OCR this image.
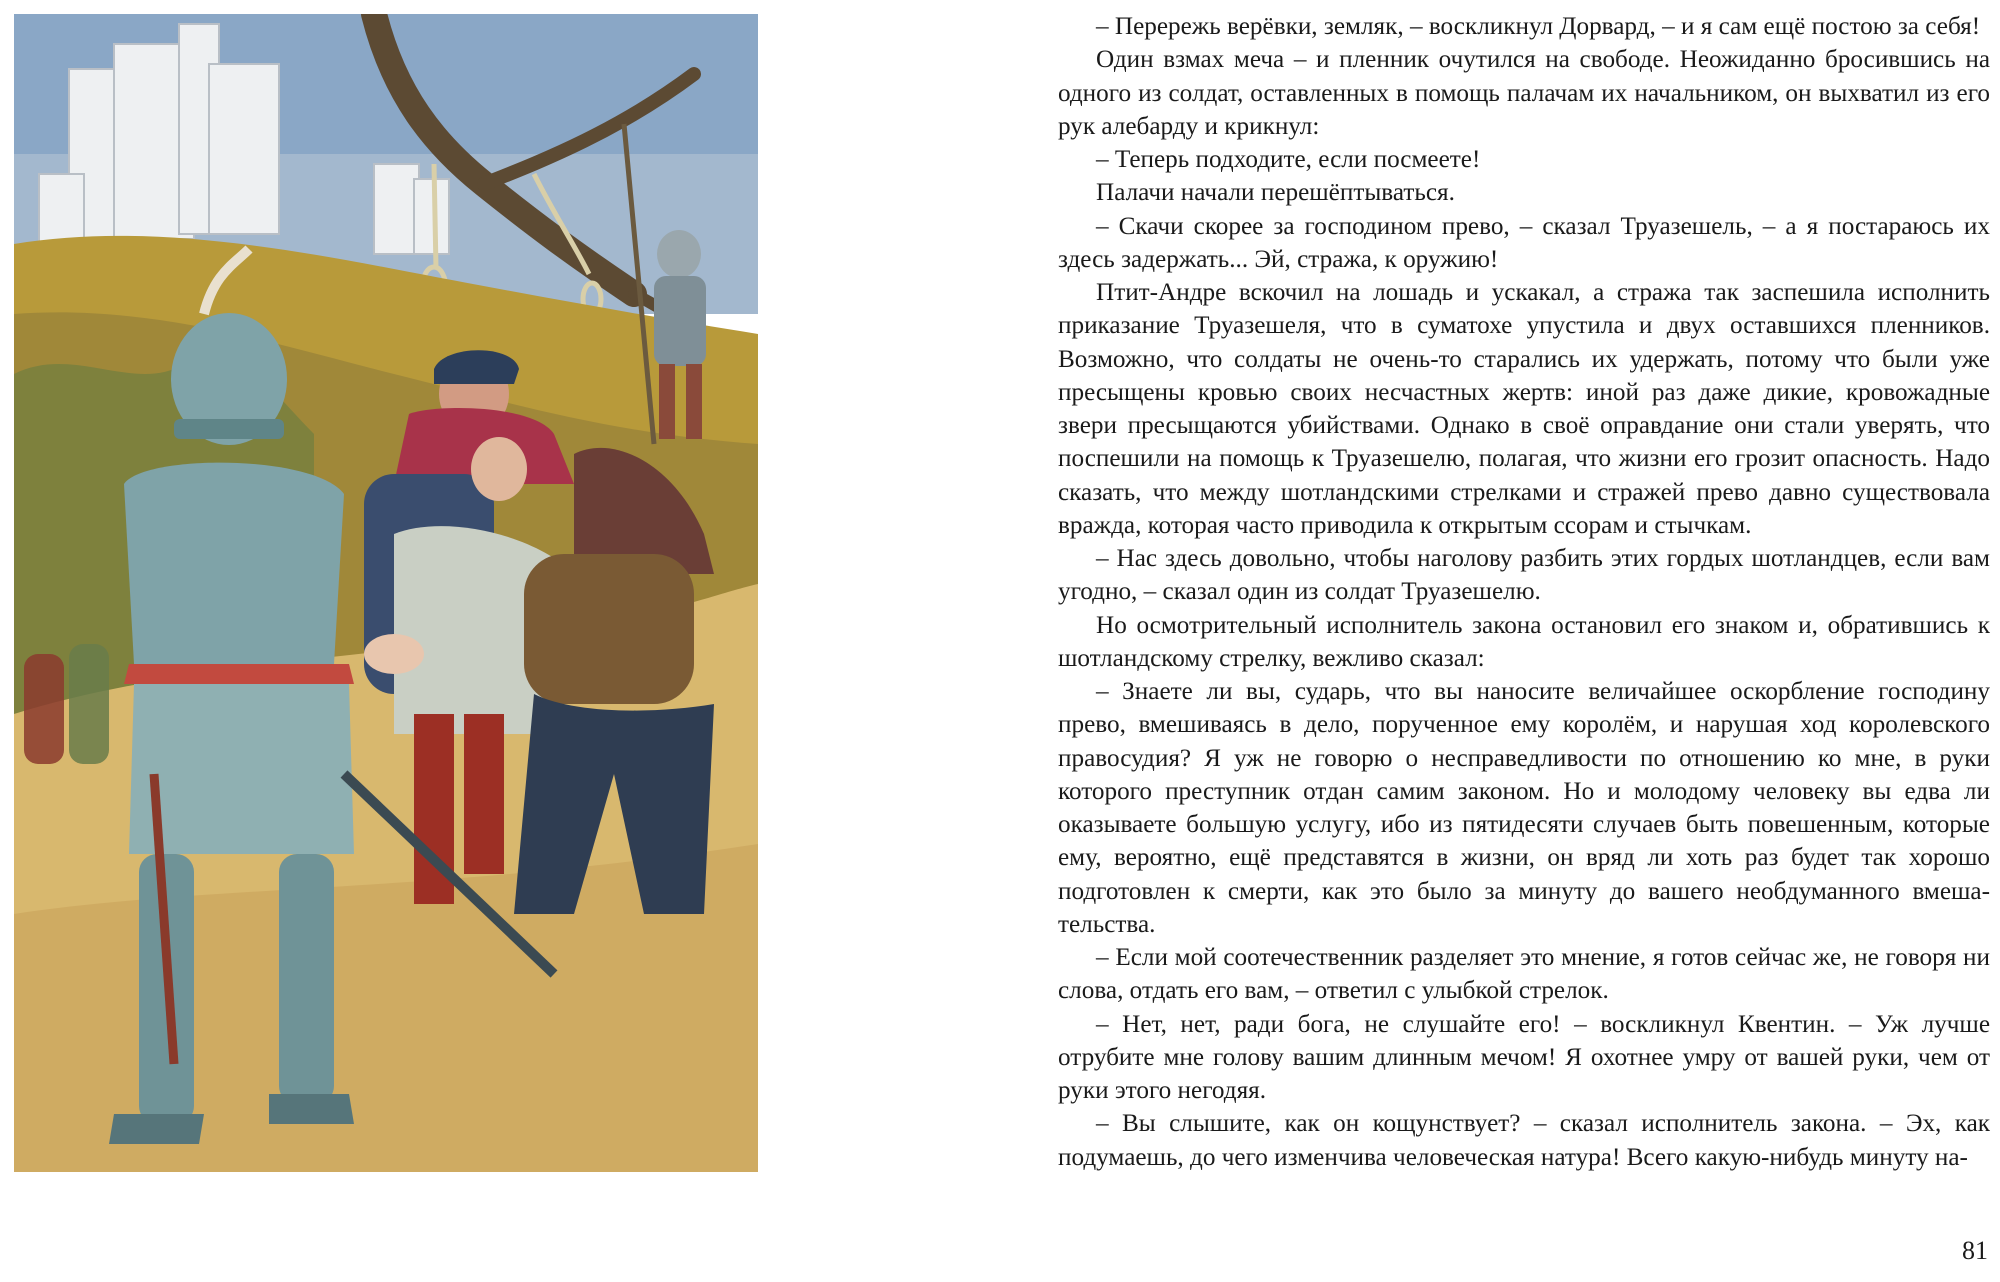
– Перережь верёвки, земляк, – воскликнул Дорвард, – и я сам ещё постою за себя!

Один взмах меча – и пленник очутился на свободе. Неожиданно бросившись на одного из солдат, оставленных в помощь палачам их начальником, он выхватил из его рук алебарду и крикнул:

– Теперь подходите, если посмеете!

Палачи начали перешёптываться.

– Скачи скорее за господином прево, – сказал Труазешель, – а я постараюсь их здесь задержать... Эй, стража, к оружию!

Птит-Андре вскочил на лошадь и ускакал, а стража так заспешила исполнить приказание Труазешеля, что в суматохе упустила и двух оставшихся пленников. Возможно, что солдаты не очень-то старались их удержать, потому что были уже пресыщены кровью своих несчастных жертв: иной раз даже дикие, кровожадные звери пресыщаются убийствами. Однако в своё оправдание они стали уверять, что поспешили на помощь к Труазешелю, полагая, что жизни его грозит опасность. Надо сказать, что между шотландскими стрелками и стражей прево давно существовала вражда, которая часто приводила к открытым ссорам и стычкам.

– Нас здесь довольно, чтобы наголову разбить этих гордых шотландцев, если вам угодно, – сказал один из солдат Труазешелю.

Но осмотрительный исполнитель закона остановил его знаком и, обратившись к шотландскому стрелку, вежливо сказал:

– Знаете ли вы, сударь, что вы наносите величайшее оскорбление господину прево, вмешиваясь в дело, порученное ему королём, и нарушая ход королевского правосудия? Я уж не говорю о несправедливости по отношению ко мне, в руки которого преступник отдан самим законом. Но и молодому человеку вы едва ли оказываете большую услугу, ибо из пятидесяти случаев быть повешенным, которые ему, вероятно, ещё представятся в жизни, он вряд ли хоть раз будет так хорошо подготовлен к смерти, как это было за минуту до вашего необдуманного вмешательства.

– Если мой соотечественник разделяет это мнение, я готов сейчас же, не говоря ни слова, отдать его вам, – ответил с улыбкой стрелок.

– Нет, нет, ради бога, не слушайте его! – воскликнул Квентин. – Уж лучше отрубите мне голову вашим длинным мечом! Я охотнее умру от вашей руки, чем от руки этого негодяя.

– Вы слышите, как он кощунствует? – сказал исполнитель закона. – Эх, как подумаешь, до чего изменчива человеческая натура! Всего какую-нибудь минуту на-

81
